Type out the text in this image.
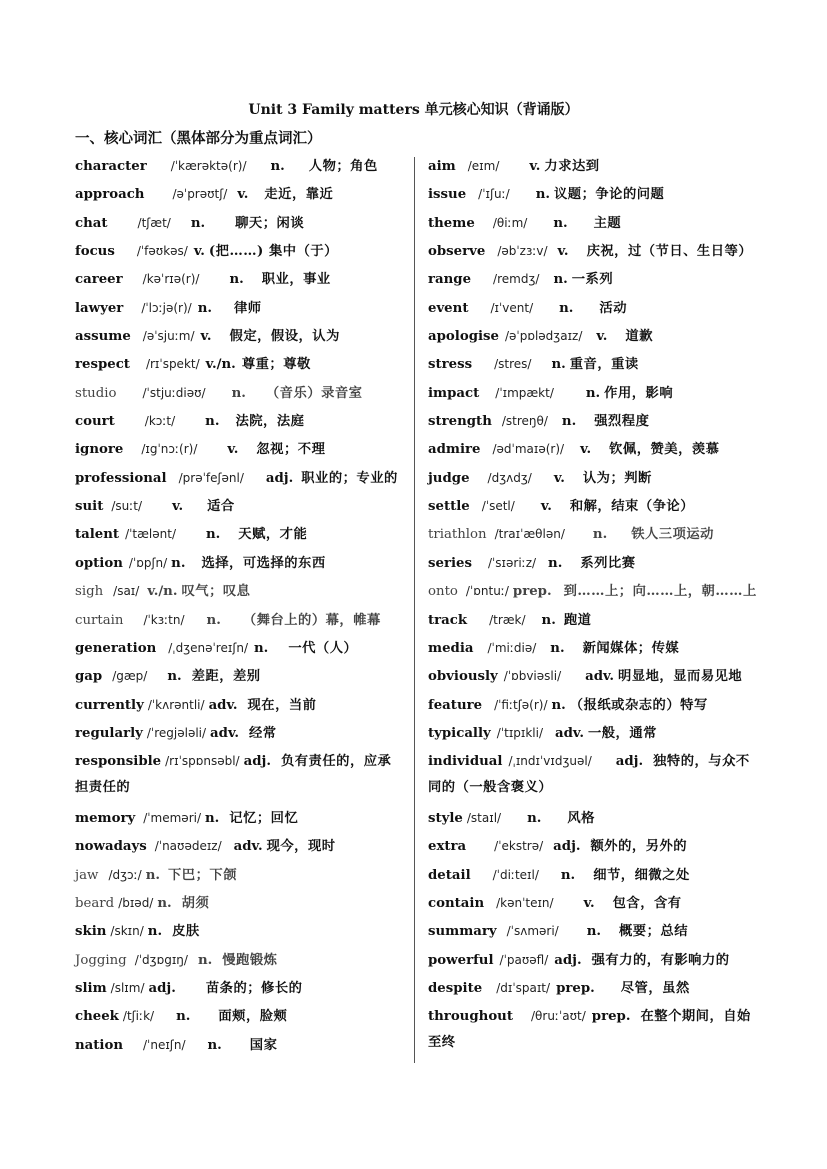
Unit 3 Family matters 单元核心知识（背诵版）
一、核心词汇（黑体部分为重点词汇）
character /ˈkærəktə(r)/ n. 人物；角色
approach /əˈprəʊtʃ/ v. 走近，靠近
chat	/tʃæt/ n. 聊天；闲谈
focus /ˈfəʊkəs/ v. (把……) 集中（于）
career /kəˈrɪə(r)/ n. 职业，事业
lawyer /ˈlɔːjə(r)/ n. 律师
assume /əˈsjuːm/ v. 假定，假设，认为
respect /rɪˈspekt/ v./n. 尊重；尊敬
studio /ˈstjuːdiəʊ/ n. （音乐）录音室
court	/kɔːt/ n. 法院，法庭
ignore /ɪgˈnɔː(r)/ v. 忽视；不理
professional /prəˈfeʃənl/ adj. 职业的；专业的
suit /suːt/ v. 适合
talent /ˈtælənt/ n. 天赋，才能
option /ˈɒpʃn/ n. 选择，可选择的东西
sigh /saɪ/ v./n. 叹气；叹息
curtain /ˈkɜːtn/ n. （舞台上的）幕，帷幕
generation /ˌdʒenəˈreɪʃn/ n. 一代（人）
gap /gæp/ n. 差距，差别
currently /ˈkʌrəntli/ adv. 现在，当前
regularly /ˈregjələli/ adv. 经常
responsible /rɪˈspɒnsəbl/ adj. 负有责任的，应承担责任的
memory /ˈmeməri/ n. 记忆；回忆
nowadays /ˈnaʊədeɪz/ adv. 现今，现时
jaw /dʒɔː/ n. 下巴；下颌
beard /bɪəd/ n. 胡须
skin /skɪn/ n. 皮肤
Jogging /ˈdʒɒgɪŋ/ n. 慢跑锻炼
slim /slɪm/ adj. 苗条的；修长的
cheek /tʃiːk/ n. 面颊，脸颊
nation /ˈneɪʃn/ n. 国家
aim /eɪm/ v. 力求达到
issue /ˈɪʃuː/ n. 议题；争论的问题
theme /θiːm/ n. 主题
observe /əbˈzɜːv/ v. 庆祝，过（节日、生日等）
range /remdʒ/ n. 一系列
event /ɪˈvent/ n. 活动
apologise /əˈpɒlədʒaɪz/ v. 道歉
stress /stres/ n. 重音，重读
impact /ˈɪmpækt/ n. 作用，影响
strength /streŋθ/ n. 强烈程度
admire /ədˈmaɪə(r)/ v. 钦佩，赞美，羡慕
judge /dʒʌdʒ/ v. 认为；判断
settle /ˈsetl/ v. 和解，结束（争论）
triathlon /traɪˈæθlən/ n. 铁人三项运动
series /ˈsɪəriːz/ n. 系列比赛
onto /ˈɒntuː/ prep. 到……上；向……上，朝……上
track /træk/ n. 跑道
media /ˈmiːdiə/ n. 新闻媒体；传媒
obviously /ˈɒbviəsli/ adv. 明显地，显而易见地
feature /ˈfiːtʃə(r)/ n. （报纸或杂志的）特写
typically /ˈtɪpɪkli/ adv. 一般，通常
individual /ˌɪndɪˈvɪdʒuəl/ adj. 独特的，与众不同的（一般含褒义）
style /staɪl/ n. 风格
extra /ˈekstrə/ adj. 额外的，另外的
detail /ˈdiːteɪl/ n. 细节，细微之处
contain /kənˈteɪn/ v. 包含，含有
summary /ˈsʌməri/ n. 概要；总结
powerful /ˈpaʊəfl/ adj. 强有力的，有影响力的
despite /dɪˈspaɪt/ prep. 尽管，虽然
throughout /θruːˈaʊt/ prep. 在整个期间，自始至终
